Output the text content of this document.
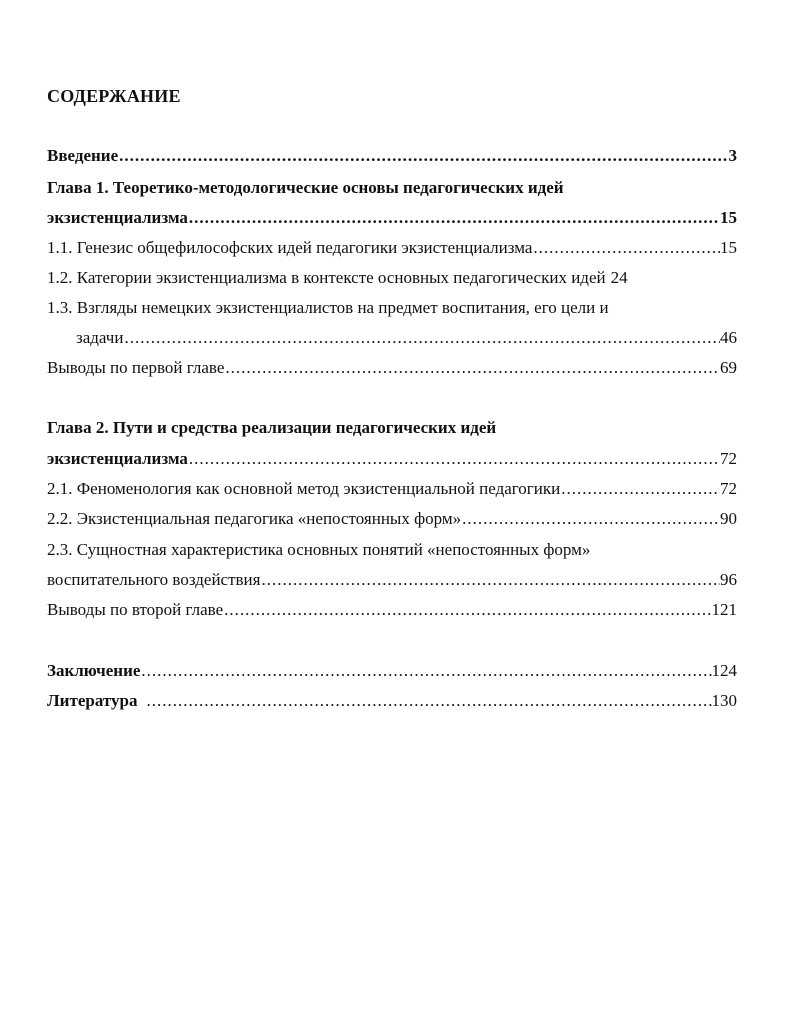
СОДЕРЖАНИЕ
Введение .....	3
Глава 1. Теоретико-методологические основы педагогических идей
экзистенциализма .....	15
1.1. Генезис общефилософских идей педагогики экзистенциализма .....	15
1.2. Категории экзистенциализма в контексте основных педагогических идей 24
1.3. Взгляды немецких экзистенциалистов на предмет воспитания, его цели и
задачи .....	46
Выводы по первой главе .....	69
Глава 2. Пути и средства реализации педагогических идей
экзистенциализма .....	72
2.1. Феноменология как основной метод экзистенциальной педагогики .....	72
2.2. Экзистенциальная педагогика «непостоянных форм» .....	90
2.3. Сущностная характеристика основных понятий «непостоянных форм»
воспитательного воздействия .....	96
Выводы по второй главе .....	121
Заключение .....	124
Литература .....	130
